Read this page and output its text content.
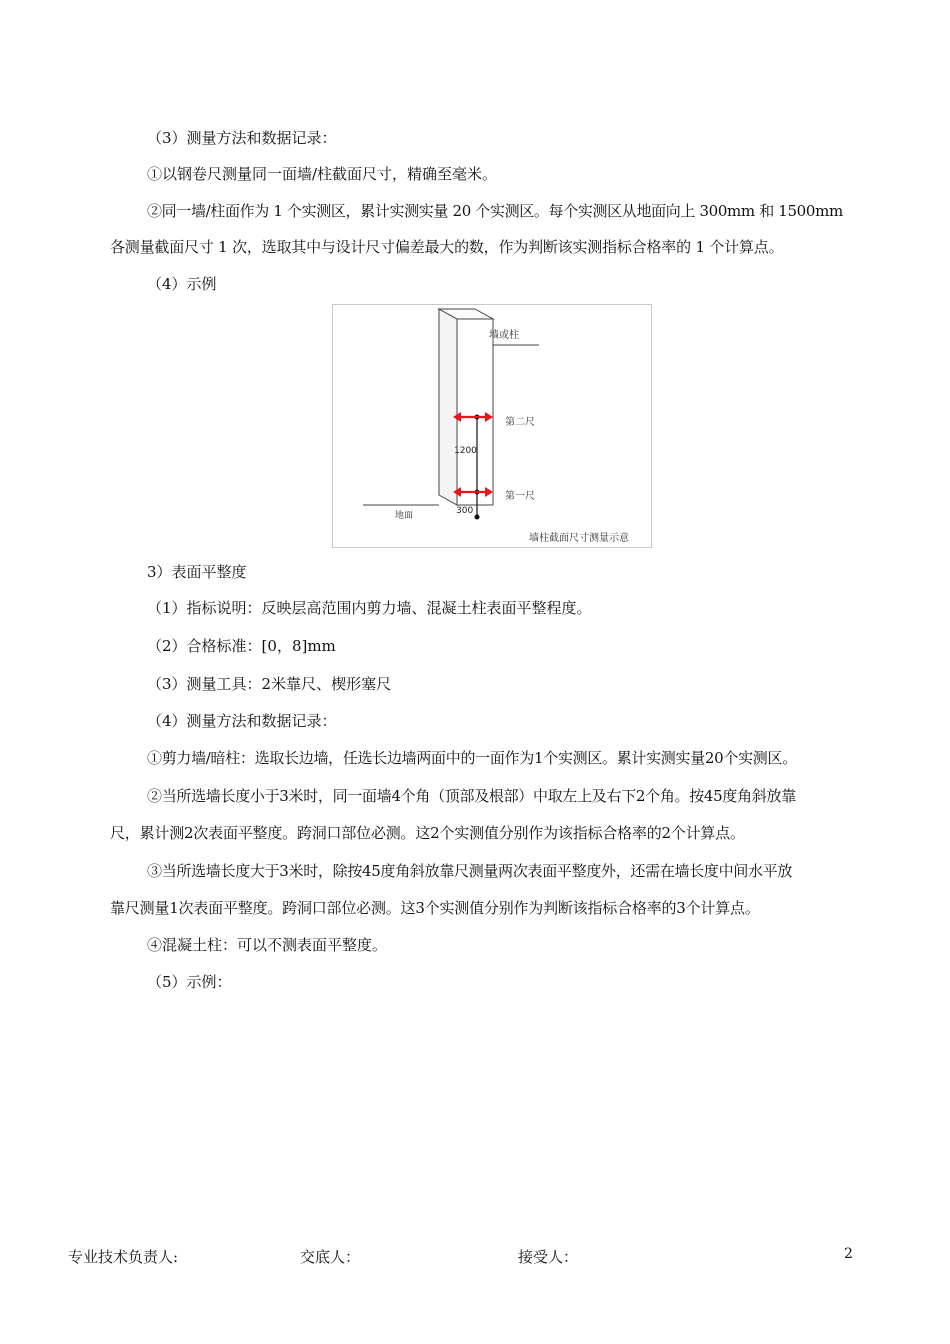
（3）测量方法和数据记录：
①以钢卷尺测量同一面墙/柱截面尺寸，精确至毫米。
②同一墙/柱面作为 1 个实测区，累计实测实量 20 个实测区。每个实测区从地面向上 300mm 和 1500mm
各测量截面尺寸 1 次，选取其中与设计尺寸偏差最大的数，作为判断该实测指标合格率的 1 个计算点。
（4）示例
墙或柱
第二尺
第一尺
1200
300
地面
墙柱截面尺寸测量示意
3）表面平整度
（1）指标说明：反映层高范围内剪力墙、混凝土柱表面平整程度。
（2）合格标准：[0，8]mm
（3）测量工具：2米靠尺、楔形塞尺
（4）测量方法和数据记录：
①剪力墙/暗柱：选取长边墙，任选长边墙两面中的一面作为1个实测区。累计实测实量20个实测区。
②当所选墙长度小于3米时，同一面墙4个角（顶部及根部）中取左上及右下2个角。按45度角斜放靠
尺，累计测2次表面平整度。跨洞口部位必测。这2个实测值分别作为该指标合格率的2个计算点。
③当所选墙长度大于3米时，除按45度角斜放靠尺测量两次表面平整度外，还需在墙长度中间水平放
靠尺测量1次表面平整度。跨洞口部位必测。这3个实测值分别作为判断该指标合格率的3个计算点。
④混凝土柱：可以不测表面平整度。
（5）示例：
专业技术负责人:	交底人：	接受人：	2
